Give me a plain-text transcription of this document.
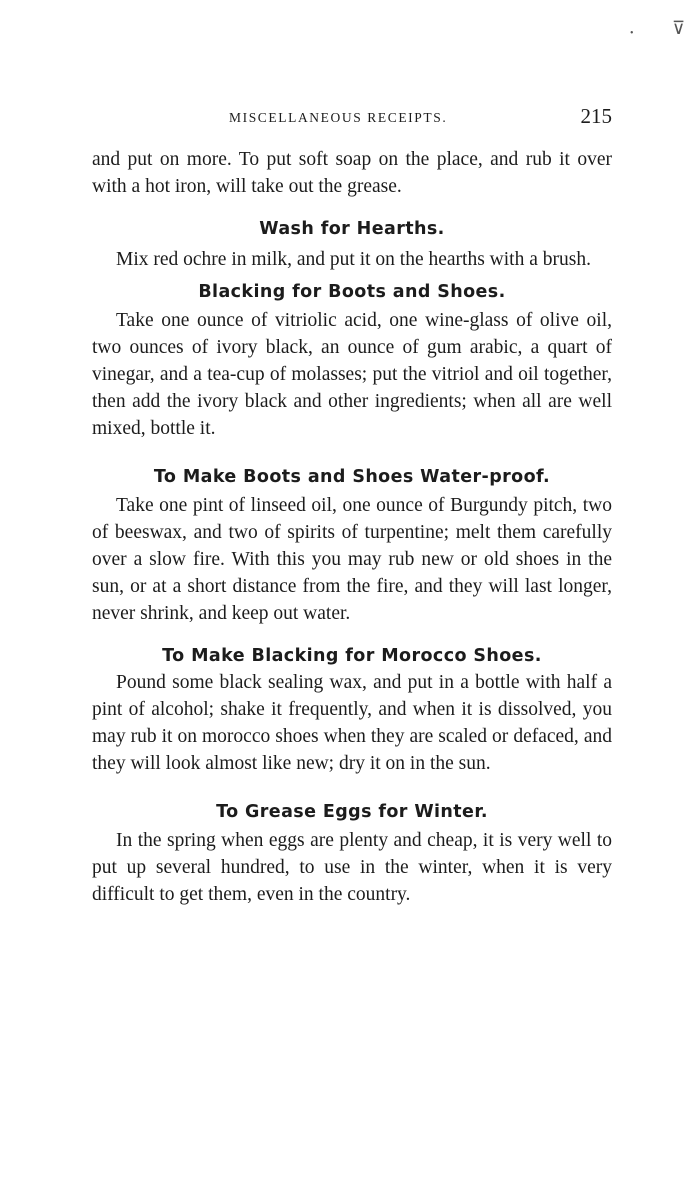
⊽
•
MISCELLANEOUS RECEIPTS.	215

and put on more. To put soft soap on the place, and rub it over with a hot iron, will take out the grease.

Wash for Hearths.

Mix red ochre in milk, and put it on the hearths with a brush.

Blacking for Boots and Shoes.

Take one ounce of vitriolic acid, one wine-glass of olive oil, two ounces of ivory black, an ounce of gum arabic, a quart of vinegar, and a tea-cup of molasses; put the vitriol and oil together, then add the ivory black and other ingredients; when all are well mixed, bottle it.

To Make Boots and Shoes Water-proof.

Take one pint of linseed oil, one ounce of Burgundy pitch, two of beeswax, and two of spirits of turpentine; melt them carefully over a slow fire. With this you may rub new or old shoes in the sun, or at a short distance from the fire, and they will last longer, never shrink, and keep out water.

To Make Blacking for Morocco Shoes.

Pound some black sealing wax, and put in a bottle with half a pint of alcohol; shake it frequently, and when it is dissolved, you may rub it on morocco shoes when they are scaled or defaced, and they will look almost like new; dry it on in the sun.

To Grease Eggs for Winter.

In the spring when eggs are plenty and cheap, it is very well to put up several hundred, to use in the winter, when it is very difficult to get them, even in the country.
